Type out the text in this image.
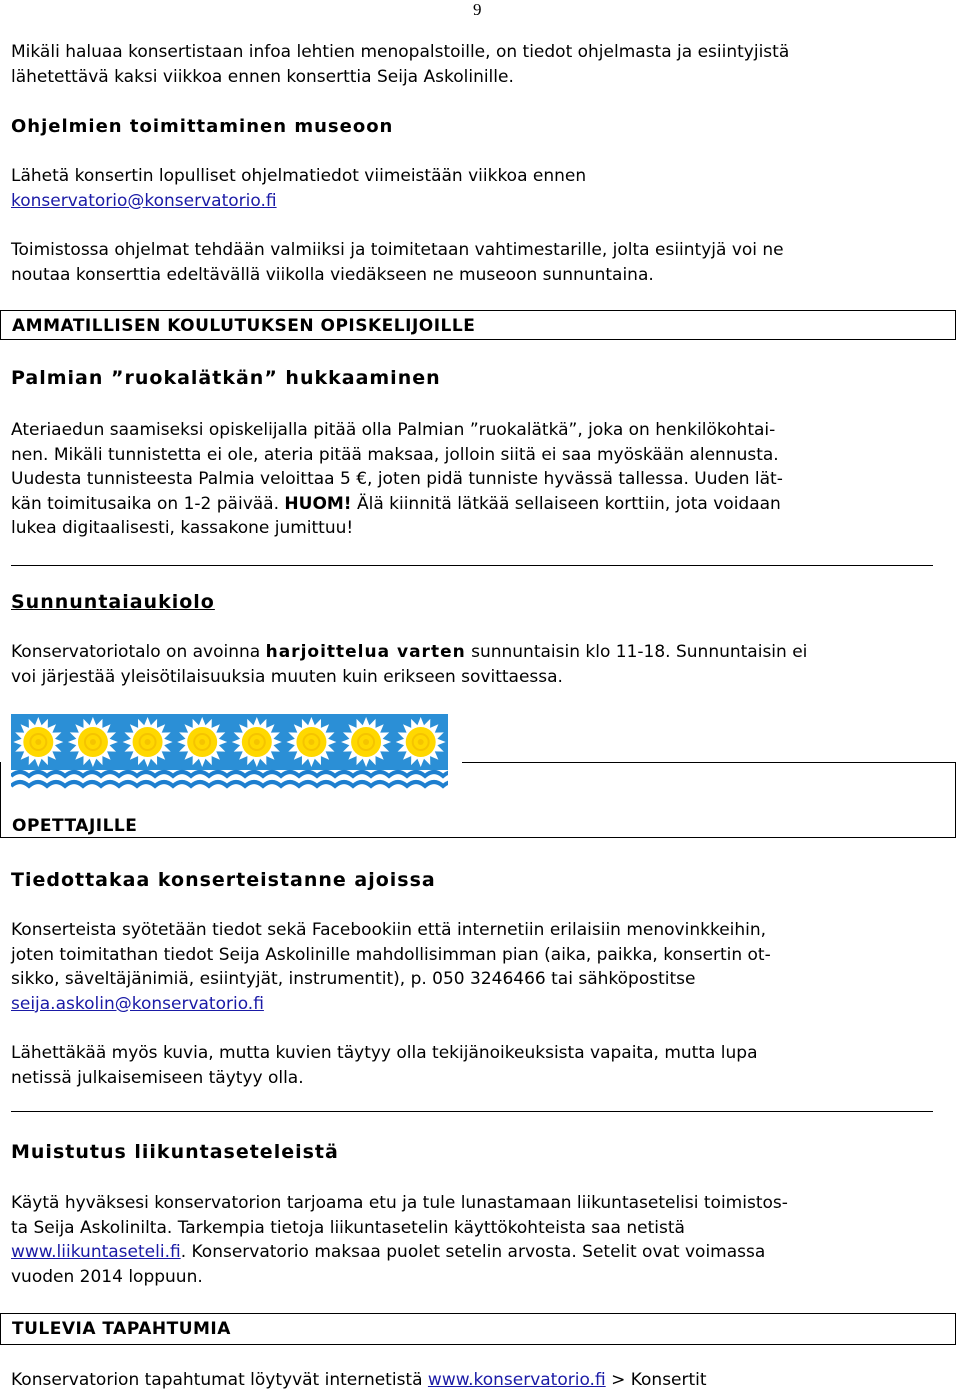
9
Mikäli haluaa konsertistaan infoa lehtien menopalstoille, on tiedot ohjelmasta ja esiintyjistä
lähetettävä kaksi viikkoa ennen konserttia Seija Askolinille.
Ohjelmien toimittaminen museoon
Lähetä konsertin lopulliset ohjelmatiedot viimeistään viikkoa ennen
konservatorio@konservatorio.fi
Toimistossa ohjelmat tehdään valmiiksi ja toimitetaan vahtimestarille, jolta esiintyjä voi ne
noutaa konserttia edeltävällä viikolla viedäkseen ne museoon sunnuntaina.
AMMATILLISEN KOULUTUKSEN OPISKELIJOILLE
Palmian ”ruokalätkän” hukkaaminen
Ateriaedun saamiseksi opiskelijalla pitää olla Palmian ”ruokalätkä”, joka on henkilökohtai-
nen. Mikäli tunnistetta ei ole, ateria pitää maksaa, jolloin siitä ei saa myöskään alennusta.
Uudesta tunnisteesta Palmia veloittaa 5 €, joten pidä tunniste hyvässä tallessa. Uuden lät-
kän toimitusaika on 1-2 päivää. HUOM! Älä kiinnitä lätkää sellaiseen korttiin, jota voidaan
lukea digitaalisesti, kassakone jumittuu!
Sunnuntaiaukiolo
Konservatoriotalo on avoinna harjoittelua varten sunnuntaisin klo 11-18. Sunnuntaisin ei
voi järjestää yleisötilaisuuksia muuten kuin erikseen sovittaessa.
OPETTAJILLE
Tiedottakaa konserteistanne ajoissa
Konserteista syötetään tiedot sekä Facebookiin että internetiin erilaisiin menovinkkeihin,
joten toimitathan tiedot Seija Askolinille mahdollisimman pian (aika, paikka, konsertin ot-
sikko, säveltäjänimiä, esiintyjät, instrumentit), p. 050 3246466 tai sähköpostitse
seija.askolin@konservatorio.fi
Lähettäkää myös kuvia, mutta kuvien täytyy olla tekijänoikeuksista vapaita, mutta lupa
netissä julkaisemiseen täytyy olla.
Muistutus liikuntaseteleistä
Käytä hyväksesi konservatorion tarjoama etu ja tule lunastamaan liikuntasetelisi toimistos-
ta Seija Askolinilta. Tarkempia tietoja liikuntasetelin käyttökohteista saa netistä
www.liikuntaseteli.fi. Konservatorio maksaa puolet setelin arvosta. Setelit ovat voimassa
vuoden 2014 loppuun.
TULEVIA TAPAHTUMIA
Konservatorion tapahtumat löytyvät internetistä www.konservatorio.fi > Konsertit
